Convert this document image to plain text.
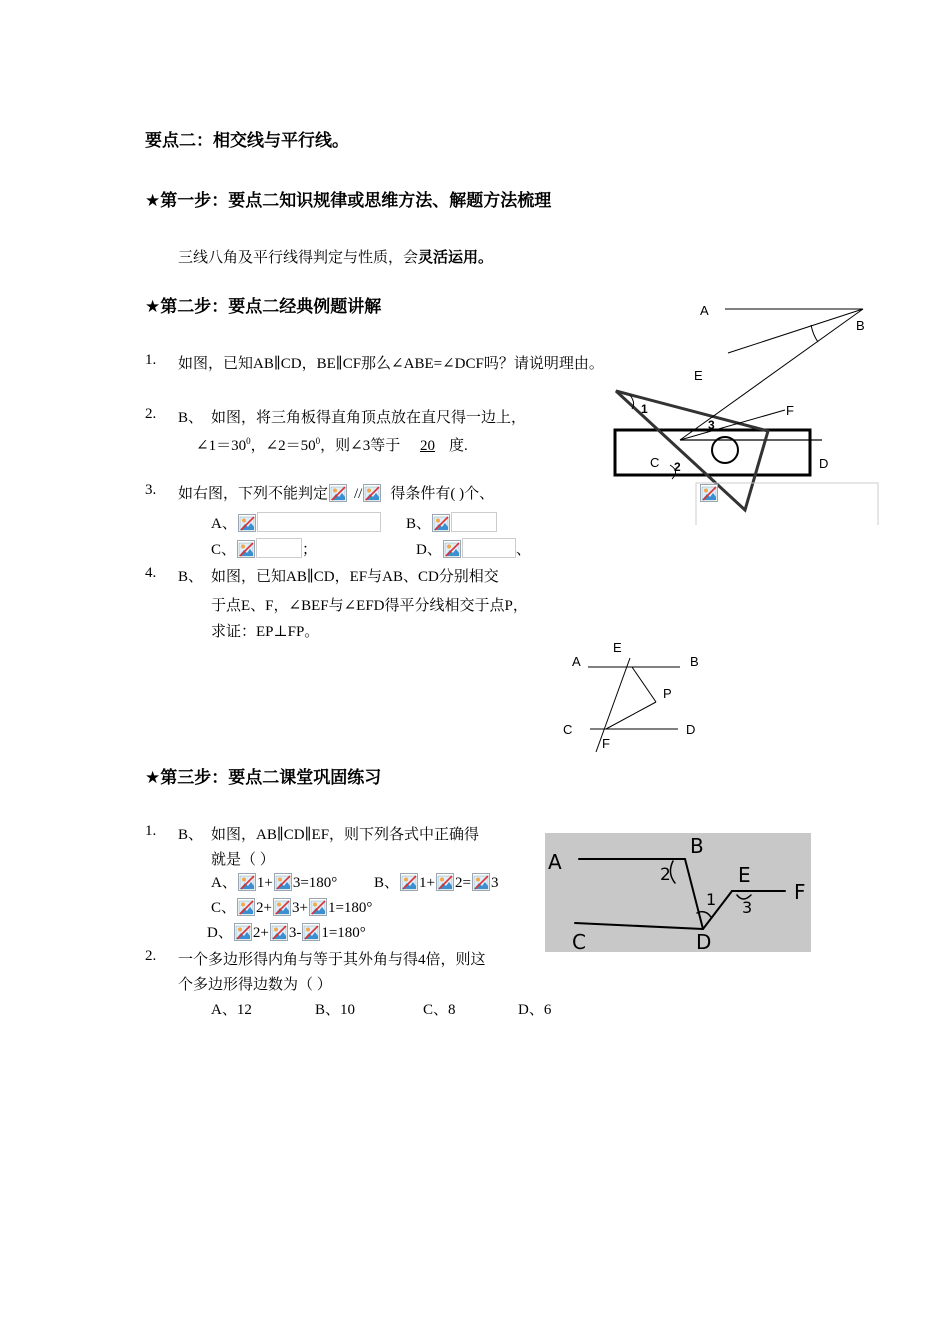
要点二：相交线与平行线。
★第一步：要点二知识规律或思维方法、解题方法梳理
三线八角及平行线得判定与性质，会灵活运用。
★第二步：要点二经典例题讲解
1. 如图，已知AB∥CD，BE∥CF那么∠ABE=∠DCF吗？请说明理由。
2. B、 如图，将三角板得直角顶点放在直尺得一边上，
$\angle 1=30^0$，$\angle 2=50^0$，则∠3等于 20 度.
3. 如右图，下列不能判定 // 得条件有( )个、
A、	B、
C、	；	D、	、
4. B、 如图，已知AB∥CD，EF与AB、CD分别相交
于点E、F，∠BEF与∠EFD得平分线相交于点P，
求证：EP⊥FP。
A
B
E
F
C	D
1
2
3
A
E
B
P
C	D
F
★第三步：要点二课堂巩固练习
1. B、 如图，AB∥CD∥EF，则下列各式中正确得
就是（ ）
A、 1+ 3=180° B、 1+ 2= 3
C、 2+ 3+ 1=180°
D、 2+ 3- 1=180°
2. 一个多边形得内角与等于其外角与得4倍，则这
个多边形得边数为（ ）
A、12	B、10	C、8	D、6
A
B
C	D
E
F
2
1 3
